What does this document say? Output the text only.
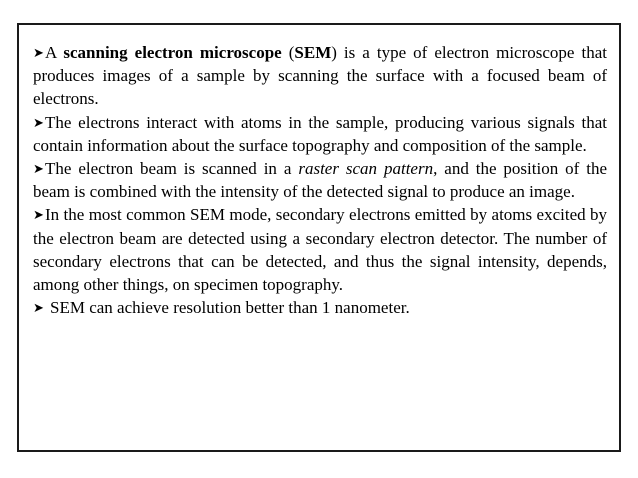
➤A scanning electron microscope (SEM) is a type of electron microscope that produces images of a sample by scanning the surface with a focused beam of electrons.

➤The electrons interact with atoms in the sample, producing various signals that contain information about the surface topography and composition of the sample.

➤The electron beam is scanned in a raster scan pattern, and the position of the beam is combined with the intensity of the detected signal to produce an image.

➤In the most common SEM mode, secondary electrons emitted by atoms excited by the electron beam are detected using a secondary electron detector. The number of secondary electrons that can be detected, and thus the signal intensity, depends, among other things, on specimen topography.

➤ SEM can achieve resolution better than 1 nanometer.
